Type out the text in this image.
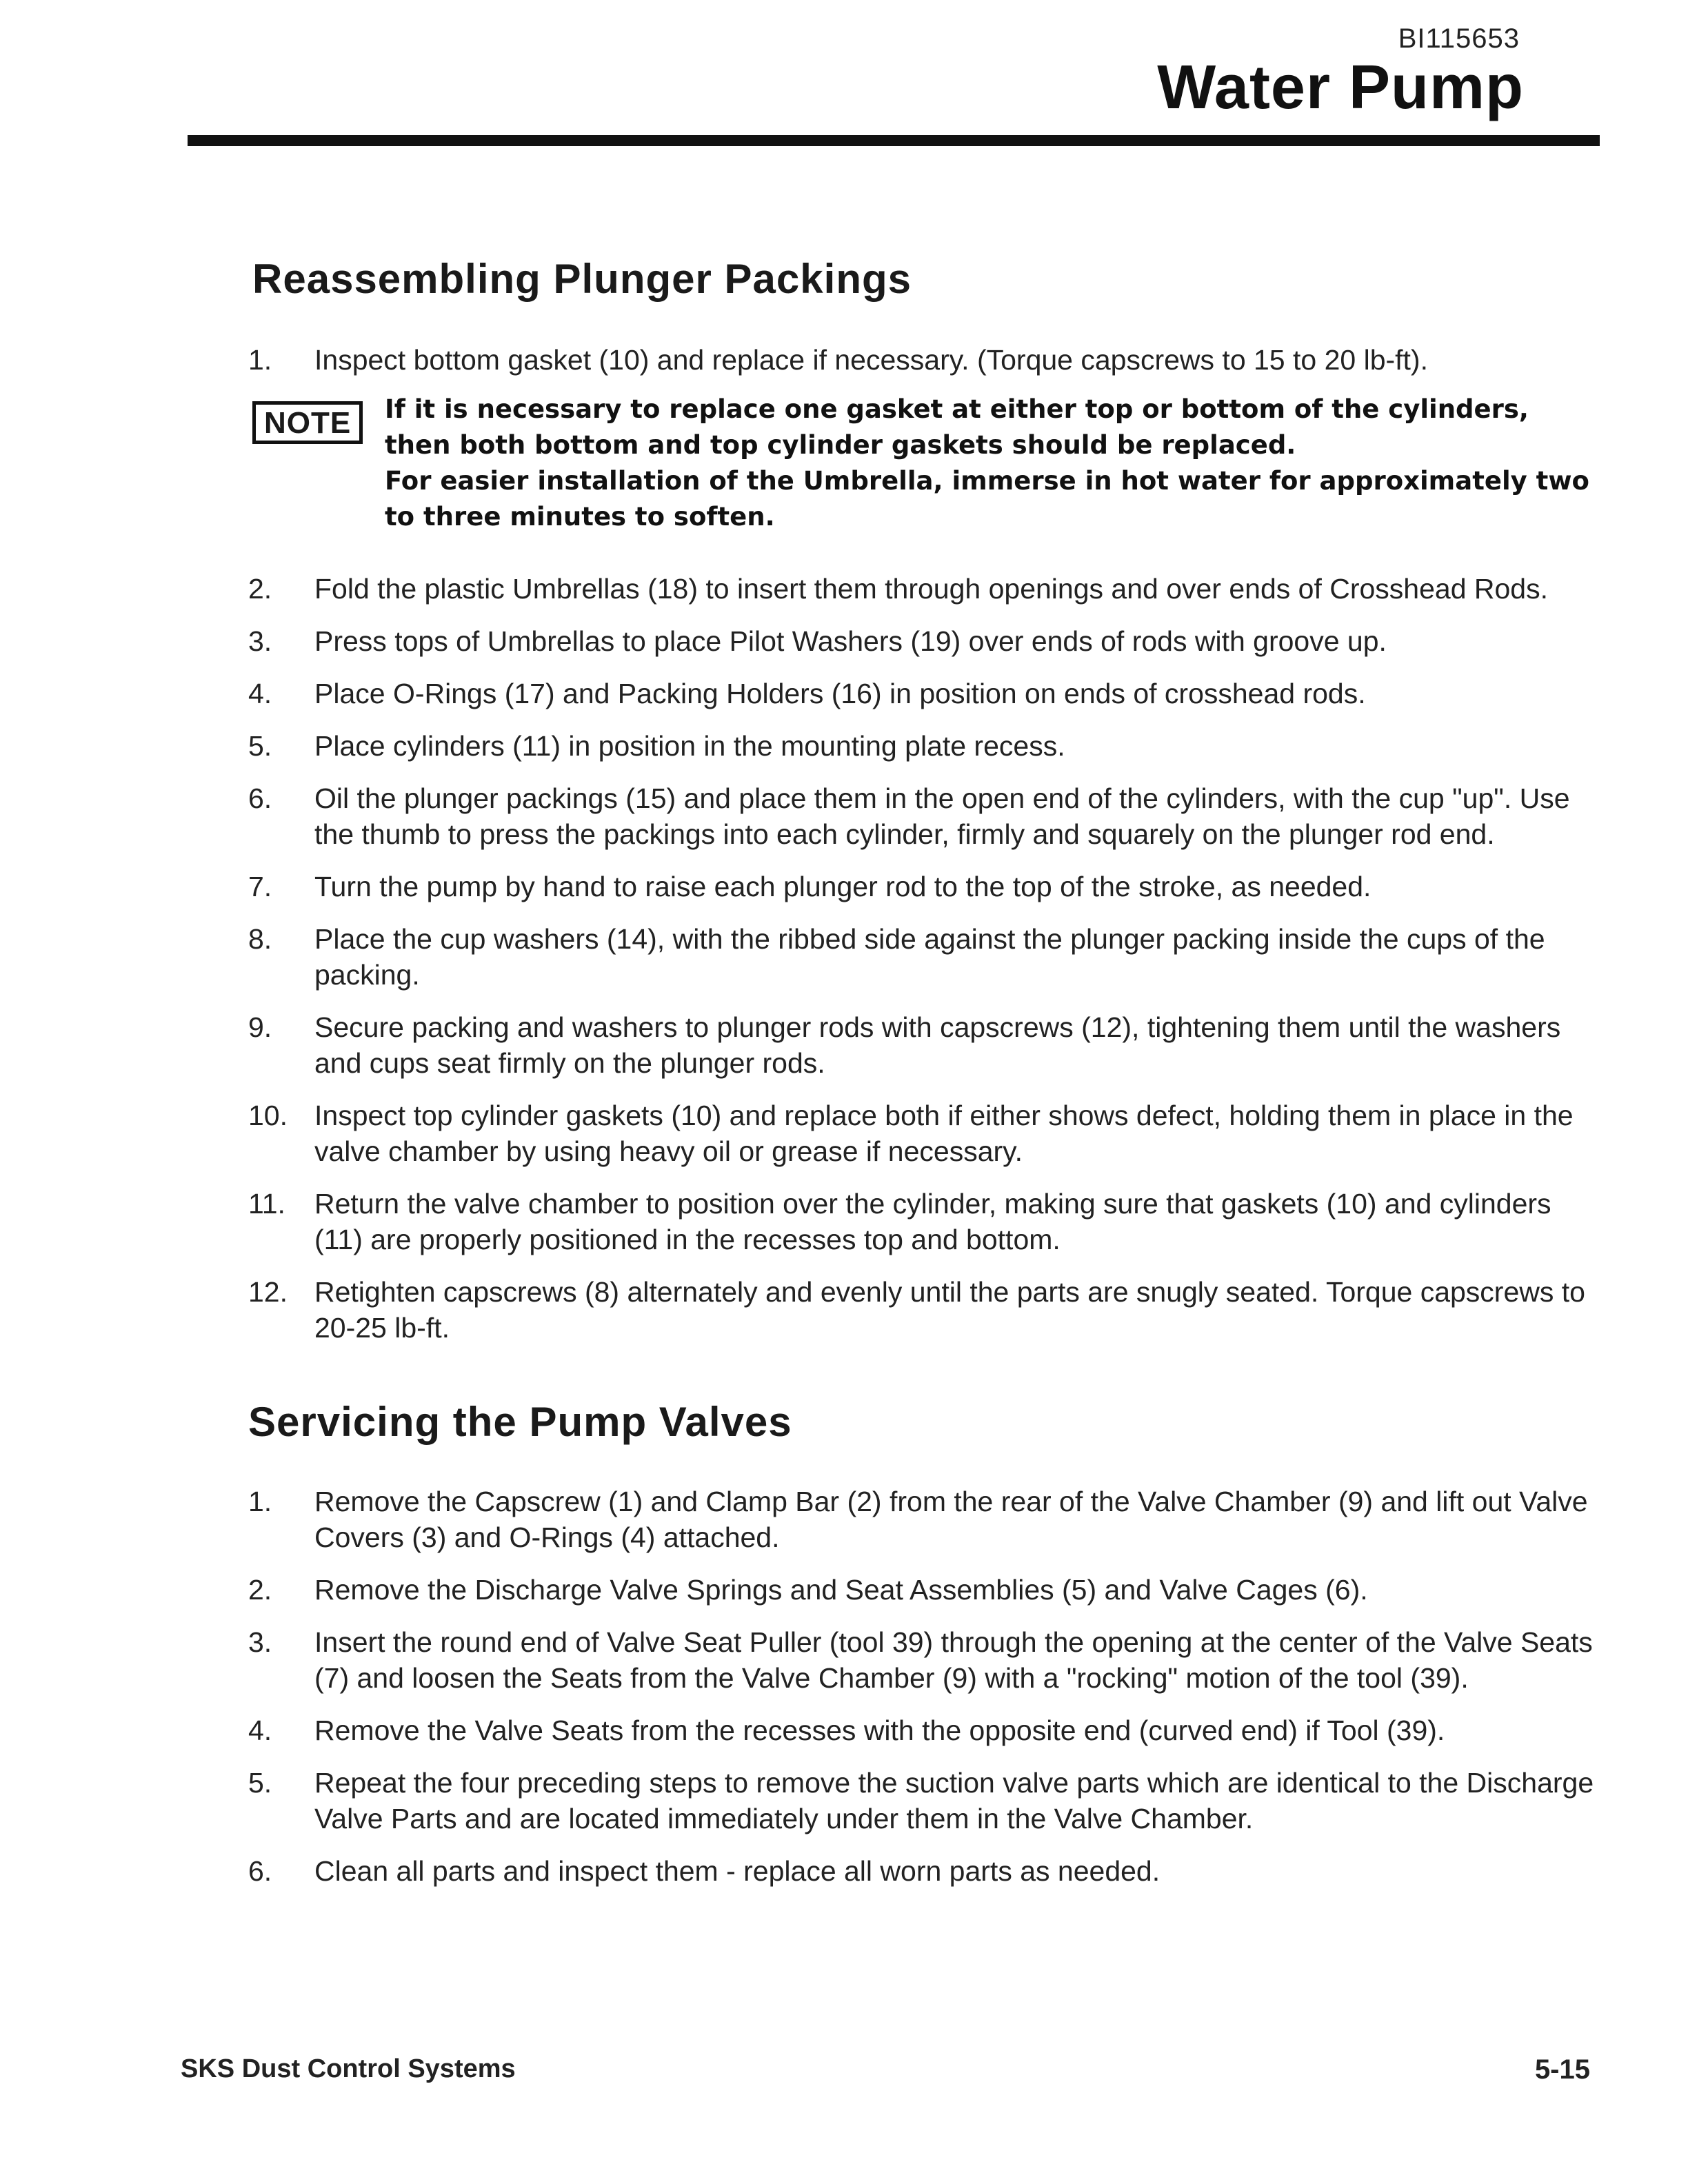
BI115653
Water Pump
Reassembling Plunger Packings
1. Inspect bottom gasket (10) and replace if necessary. (Torque capscrews to 15 to 20 lb-ft).
NOTE	If it is necessary to replace one gasket at either top or bottom of the cylinders, then both bottom and top cylinder gaskets should be replaced.

For easier installation of the Umbrella, immerse in hot water for approximately two to three minutes to soften.

2. Fold the plastic Umbrellas (18) to insert them through openings and over ends of Crosshead Rods.
3. Press tops of Umbrellas to place Pilot Washers (19) over ends of rods with groove up.
4. Place O-Rings (17) and Packing Holders (16) in position on ends of crosshead rods.
5. Place cylinders (11) in position in the mounting plate recess.
6. Oil the plunger packings (15) and place them in the open end of the cylinders, with the cup "up". Use the thumb to press the packings into each cylinder, firmly and squarely on the plunger rod end.
7. Turn the pump by hand to raise each plunger rod to the top of the stroke, as needed.
8. Place the cup washers (14), with the ribbed side against the plunger packing inside the cups of the packing.
9. Secure packing and washers to plunger rods with capscrews (12), tightening them until the washers and cups seat firmly on the plunger rods.
10. Inspect top cylinder gaskets (10) and replace both if either shows defect, holding them in place in the valve chamber by using heavy oil or grease if necessary.
11. Return the valve chamber to position over the cylinder, making sure that gaskets (10) and cylinders (11) are properly positioned in the recesses top and bottom.
12. Retighten capscrews (8) alternately and evenly until the parts are snugly seated. Torque capscrews to 20-25 lb-ft.
Servicing the Pump Valves
1. Remove the Capscrew (1) and Clamp Bar (2) from the rear of the Valve Chamber (9) and lift out Valve Covers (3) and O-Rings (4) attached.
2. Remove the Discharge Valve Springs and Seat Assemblies (5) and Valve Cages (6).
3. Insert the round end of Valve Seat Puller (tool 39) through the opening at the center of the Valve Seats (7) and loosen the Seats from the Valve Chamber (9) with a "rocking" motion of the tool (39).
4. Remove the Valve Seats from the recesses with the opposite end (curved end) if Tool (39).
5. Repeat the four preceding steps to remove the suction valve parts which are identical to the Discharge Valve Parts and are located immediately under them in the Valve Chamber.
6. Clean all parts and inspect them - replace all worn parts as needed.
SKS Dust Control Systems	5-15
